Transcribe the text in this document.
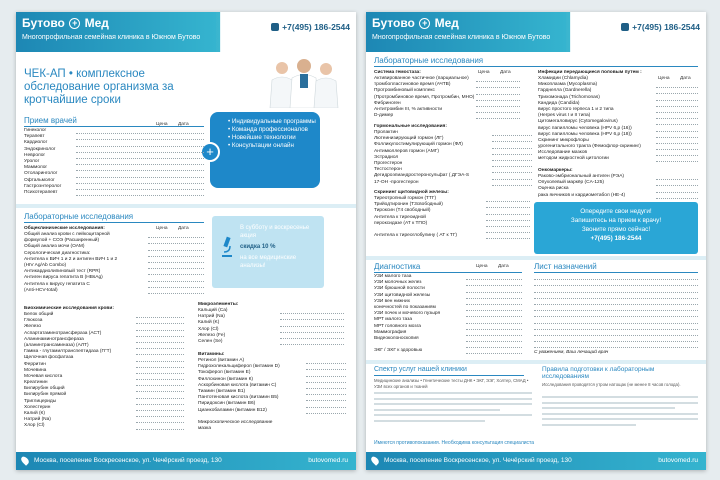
Бутово + Мед
Многопрофильная семейная клиника в Южном Бутово
+7(495) 186-2544
ЧЕК-АП • комплексное обследование организма за кротчайшие сроки
+
• Индивидуальные программы
• Команда профессионалов
• Новейшие технологии
• Консультации онлайн
Прием врачей	Цена Дата
Гинеколог
Терапевт
Кардиолог
Эндокринолог
Невролог
Уролог
Маммолог
Отоларинголог
Офтальмолог
Гастроэнтеролог
Психотерапевт
В субботу и воскресенье акция
скидка 10 %
на все медицинские анализы!
Лабораторные исследования
Цена Дата
Общеклинические исследования:
Общий анализ крови с лейкоцитарной
формулой + СОЭ (Расширенный)
Общий анализ мочи (ОАМ)
Серологическая диагностика:
Антитела к ВИЧ 1 и 2 и антиген ВИЧ 1 и 2
(HIV Ag/Ab Combo)
Антикардиолипиновый тест (RPR)
Антиген вируса гепатита В (HBsAg)
Антитела к вирусу гепатита С
(Anti-HCV-total)
Биохимические исследования крови:
Белок общий
Глюкоза
Железо
Аспартатаминотрансфераза (АСТ)
Аланинаминотрансфераза
(аланинтрансаминаза) (АЛТ)
Гамма - глутамилтранспептидаза (ГГТ)
Щелочная фосфатаза
Ферритин
Мочевина
Мочевая кислота
Креатинин
Билирубин общий
Билирубин прямой
Триглицериды
Холестерин
Калий (К)
Натрий (Na)
Хлор (Cl)
Микроэлементы:
Кальций (Ca)
Натрий (Na)
Калий (K)
Хлор (Cl)
Железо (Fe)
Селен (Se)
Витамины:
Ретинол (витамин А)
Гидрохолекальциферол (витамин D)
Токоферол (витамин Е)
Филлохинон (витамин К)
Аскорбиновая кислота (витамин С)
Тиамин (витамин B1)
Пантотеновая кислота (витамин B5)
Пиридоксин (витамин B6)
Цианкобаламин (витамин B12)
Микроскопическое исследование мазка
Москва, поселение Воскресенское, ул. Чечёрский проезд, 130	butovomed.ru
Бутово + Мед
Многопрофильная семейная клиника в Южном Бутово
+7(495) 186-2544
Лабораторные исследования
Система гемостаза:	Цена Дата
Активированное частичное (парциальное)
тромбопластиновое время (АЧТВ)
Протромбиновый комплекс
(Протромбиновое время, Протромбин, МНО)
Фибриноген
Антитромбин III, % активности
D-димер
Гормональные исследования:
Пролактин
Лютеинизирующий гормон (ЛГ)
Фолликулостимулирующий гормон (ФЛ)
Антимюллеров гормон (АМГ)
Эстрадиол
Прогестерон
Тестостерон
Дегидроэпиандростеронсульфат ( ДГЭА-S
17-ОН -прогестерон
Скрининг щитовидной железы:
Тиреотропный гормон (ТТГ)
Трийодтиронин (Т3свободный)
Тироксин (Т4 свободный)
Антитела к тиреоидной
пероксидазе (АТ к ТПО)
Антитела к тиреоглобулину ( АТ к ТГ)
Инфекции передающиеся половым путем :
Хламидии (Chlamydia)
Микоплазма (Mycoplasma)
Гарднелла (Gardnerella)
Трихомонада (Trichomonas)
Кандида (Candida)
вирус простого герпеса 1 и 2 типа
(Herpes virus I и II типа)
Цитомегаловирус (Cytomegalovirus)
вирус папилломы человека (HPV 6,р (16))
вирус папилломы человека (HPV 6,р (18))
Скрининг микрофлоры
урогенитального тракта (Фемофлор-скрининг)
Исследование мазков
методом жидкостной цитологии
Цена Дата
Онкомаркеры:
Раково-эмбриональный антиген (РЭА)
Опухолевый маркёр (CA-125)
Оценка риска
рака яичников и кардиометабол (HE-4)
Опередите свои недуги!
Запишитесь на прием к врачу!
Звоните прямо сейчас!
+7(495) 186-2544
Диагностика	Цена Дата
УЗИ малого таза
УЗИ молочных желез
УЗИ брюшной полости
УЗИ щитовидной железы
УЗИ вен нижних
конечностей по показаниям
УЗИ почек и мочевого пузыря
МРТ малого таза
МРТ головного мозга
Маммография
Видеоколоноскопия
ЭКГ / ЭХГ к здоровью
Лист назначений
С уважением, Ваш лечащий врач
Спектр услуг нашей клиники
Медицинские анализы • Генетические тесты ДНК • ЭКГ, ЭЭГ, Холтер, СМАД • УЗИ всех органов и тканей
Имеются противопоказания. Необходима консультация специалиста
Правила подготовки к лабораторным исследованиям
Исследования проводятся утром натощак (не менее 8 часов голода).
Москва, поселение Воскресенское, ул. Чечёрский проезд, 130	butovomed.ru
